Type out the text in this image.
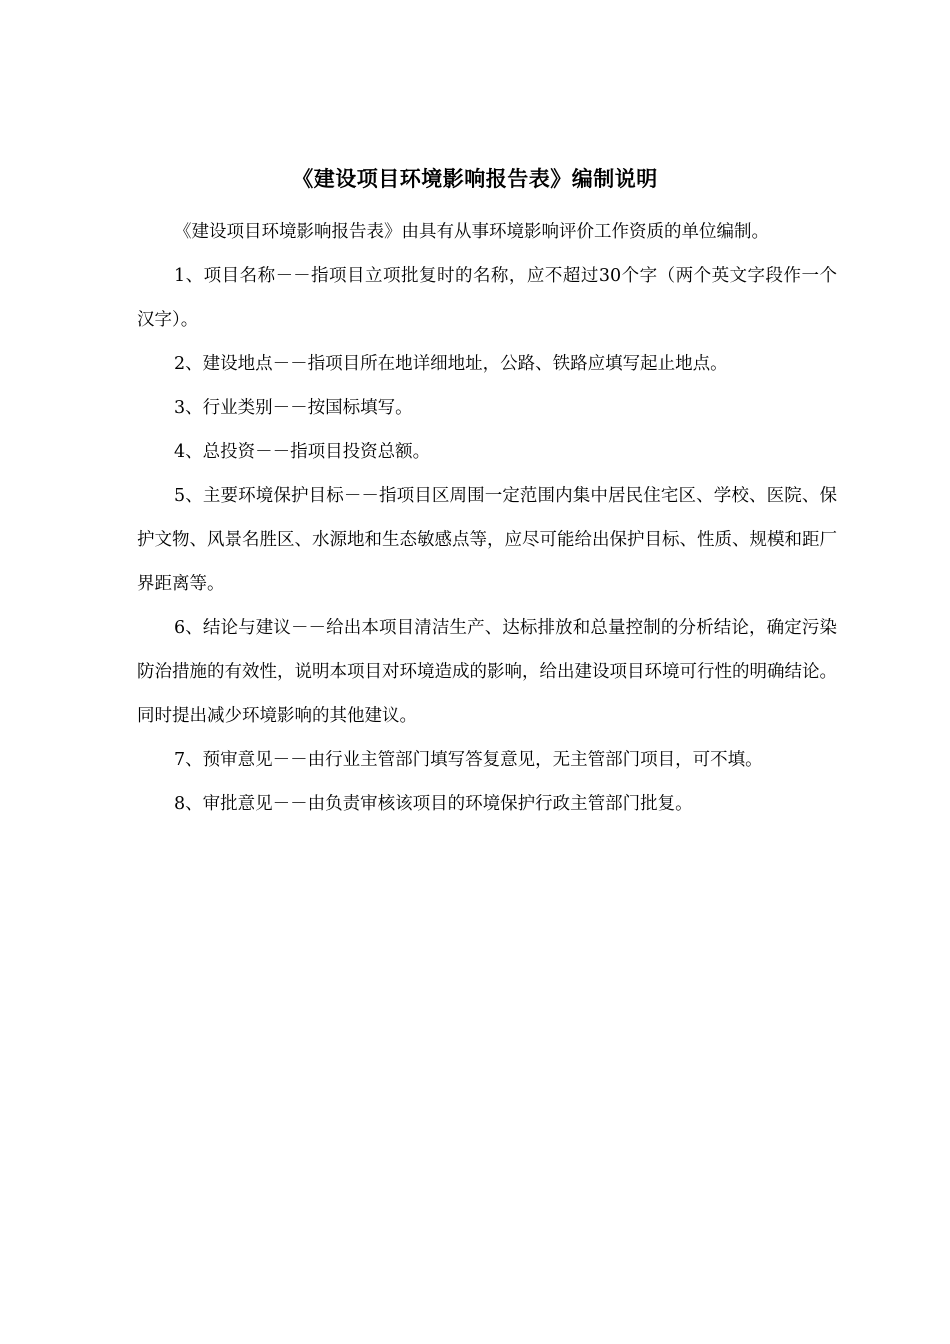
《建设项目环境影响报告表》编制说明

《建设项目环境影响报告表》由具有从事环境影响评价工作资质的单位编制。

1、项目名称－－指项目立项批复时的名称，应不超过30个字（两个英文字段作一个汉字）。

2、建设地点－－指项目所在地详细地址，公路、铁路应填写起止地点。

3、行业类别－－按国标填写。

4、总投资－－指项目投资总额。

5、主要环境保护目标－－指项目区周围一定范围内集中居民住宅区、学校、医院、保护文物、风景名胜区、水源地和生态敏感点等，应尽可能给出保护目标、性质、规模和距厂界距离等。

6、结论与建议－－给出本项目清洁生产、达标排放和总量控制的分析结论，确定污染防治措施的有效性，说明本项目对环境造成的影响，给出建设项目环境可行性的明确结论。同时提出减少环境影响的其他建议。

7、预审意见－－由行业主管部门填写答复意见，无主管部门项目，可不填。

8、审批意见－－由负责审核该项目的环境保护行政主管部门批复。
